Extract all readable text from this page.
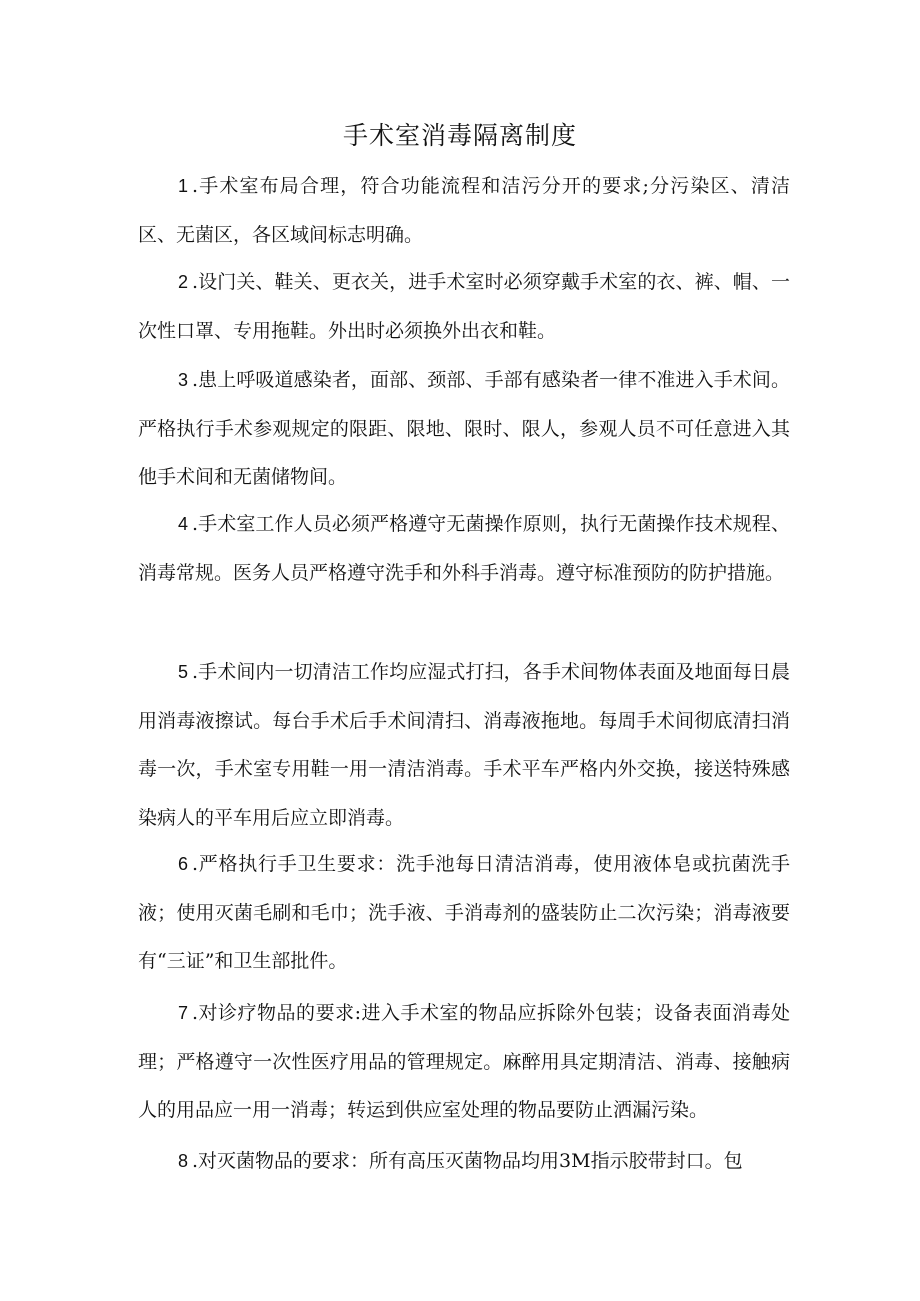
手术室消毒隔离制度

1 .手术室布局合理，符合功能流程和洁污分开的要求;分污染区、清洁区、无菌区，各区域间标志明确。

2 .设门关、鞋关、更衣关，进手术室时必须穿戴手术室的衣、裤、帽、一次性口罩、专用拖鞋。外出时必须换外出衣和鞋。

3 .患上呼吸道感染者，面部、颈部、手部有感染者一律不准进入手术间。严格执行手术参观规定的限距、限地、限时、限人，参观人员不可任意进入其他手术间和无菌储物间。

4 .手术室工作人员必须严格遵守无菌操作原则，执行无菌操作技术规程、消毒常规。医务人员严格遵守洗手和外科手消毒。遵守标准预防的防护措施。

5 .手术间内一切清洁工作均应湿式打扫，各手术间物体表面及地面每日晨用消毒液擦试。每台手术后手术间清扫、消毒液拖地。每周手术间彻底清扫消毒一次，手术室专用鞋一用一清洁消毒。手术平车严格内外交换，接送特殊感染病人的平车用后应立即消毒。

6 .严格执行手卫生要求：洗手池每日清洁消毒，使用液体皂或抗菌洗手液；使用灭菌毛刷和毛巾；洗手液、手消毒剂的盛装防止二次污染；消毒液要有“三证”和卫生部批件。

7 .对诊疗物品的要求:进入手术室的物品应拆除外包装；设备表面消毒处理；严格遵守一次性医疗用品的管理规定。麻醉用具定期清洁、消毒、接触病人的用品应一用一消毒；转运到供应室处理的物品要防止洒漏污染。

8 .对灭菌物品的要求：所有高压灭菌物品均用3M指示胶带封口。包
